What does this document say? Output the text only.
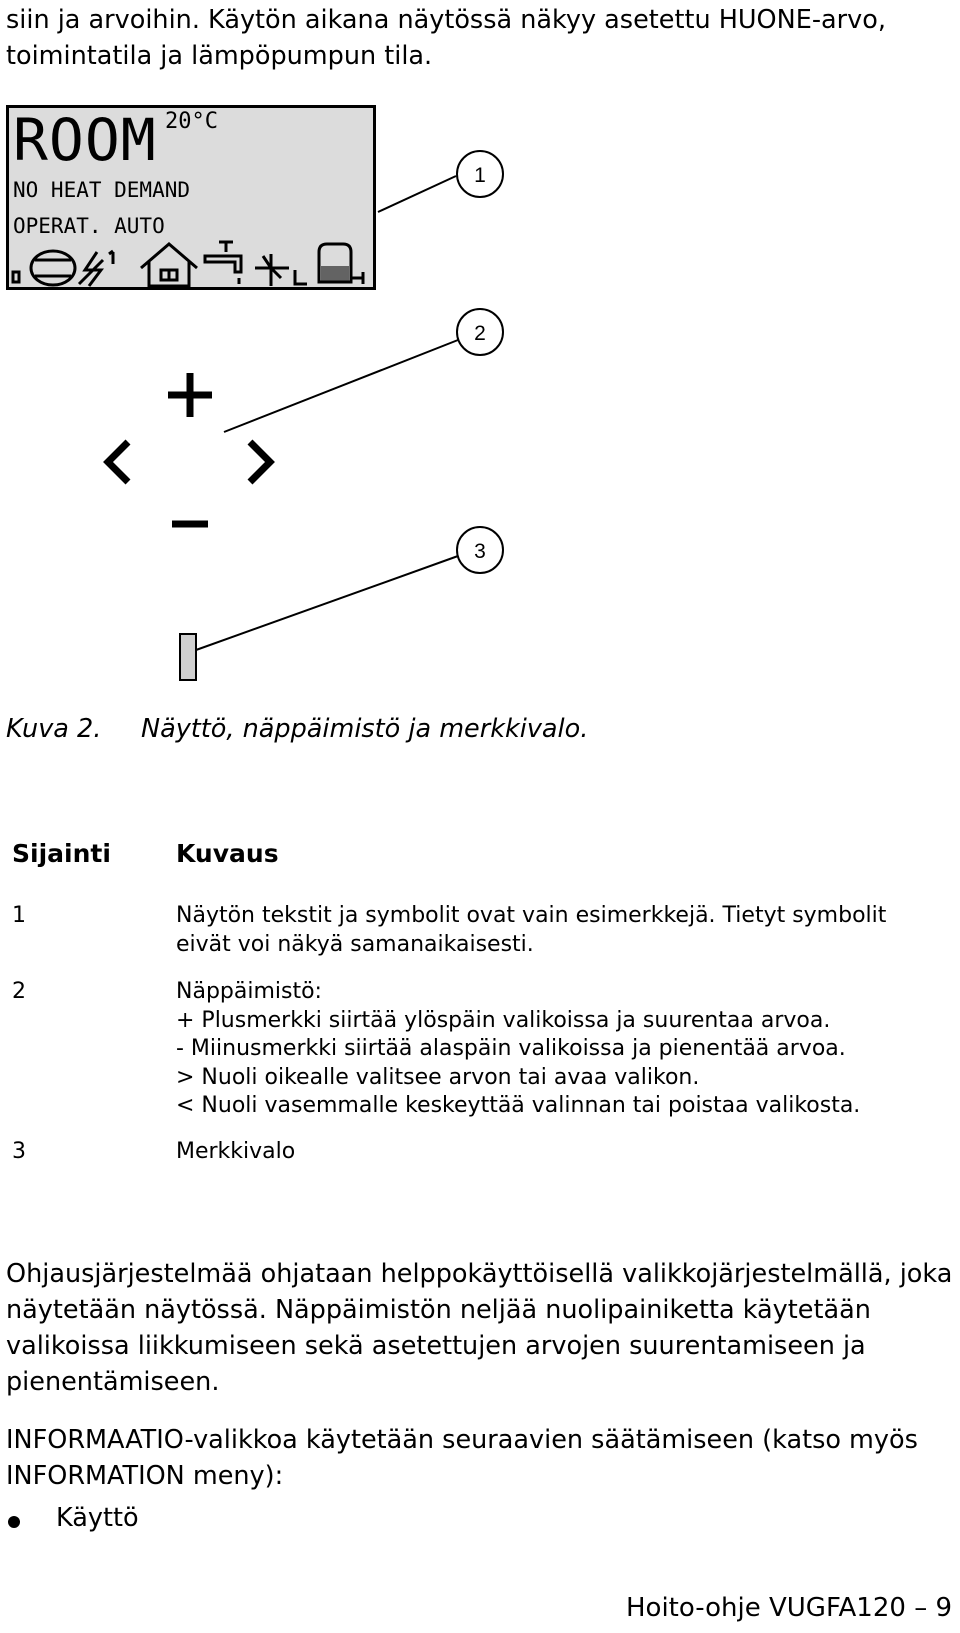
siin ja arvoihin. Käytön aikana näytössä näkyy asetettu HUONE-arvo, toimintatila ja lämpöpumpun tila.

ROOM 20°C
NO HEAT DEMAND
OPERAT. AUTO
1
2
3
Kuva 2. Näyttö, näppäimistö ja merkkivalo.
Sijainti	Kuvaus
1	Näytön tekstit ja symbolit ovat vain esimerkkejä. Tietyt symbolit
eivät voi näkyä samanaikaisesti.
2	Näppäimistö:
+ Plusmerkki siirtää ylöspäin valikoissa ja suurentaa arvoa.
- Miinusmerkki siirtää alaspäin valikoissa ja pienentää arvoa.
> Nuoli oikealle valitsee arvon tai avaa valikon.
< Nuoli vasemmalle keskeyttää valinnan tai poistaa valikosta.
3	Merkkivalo

Ohjausjärjestelmää ohjataan helppokäyttöisellä valikkojärjestelmällä, joka näytetään näytössä. Näppäimistön neljää nuolipainiketta käytetään valikoissa liikkumiseen sekä asetettujen arvojen suurentamiseen ja pienentämiseen.

INFORMAATIO-valikkoa käytetään seuraavien säätämiseen (katso myös INFORMATION meny):

Käyttö
Hoito-ohje VUGFA120 – 9
